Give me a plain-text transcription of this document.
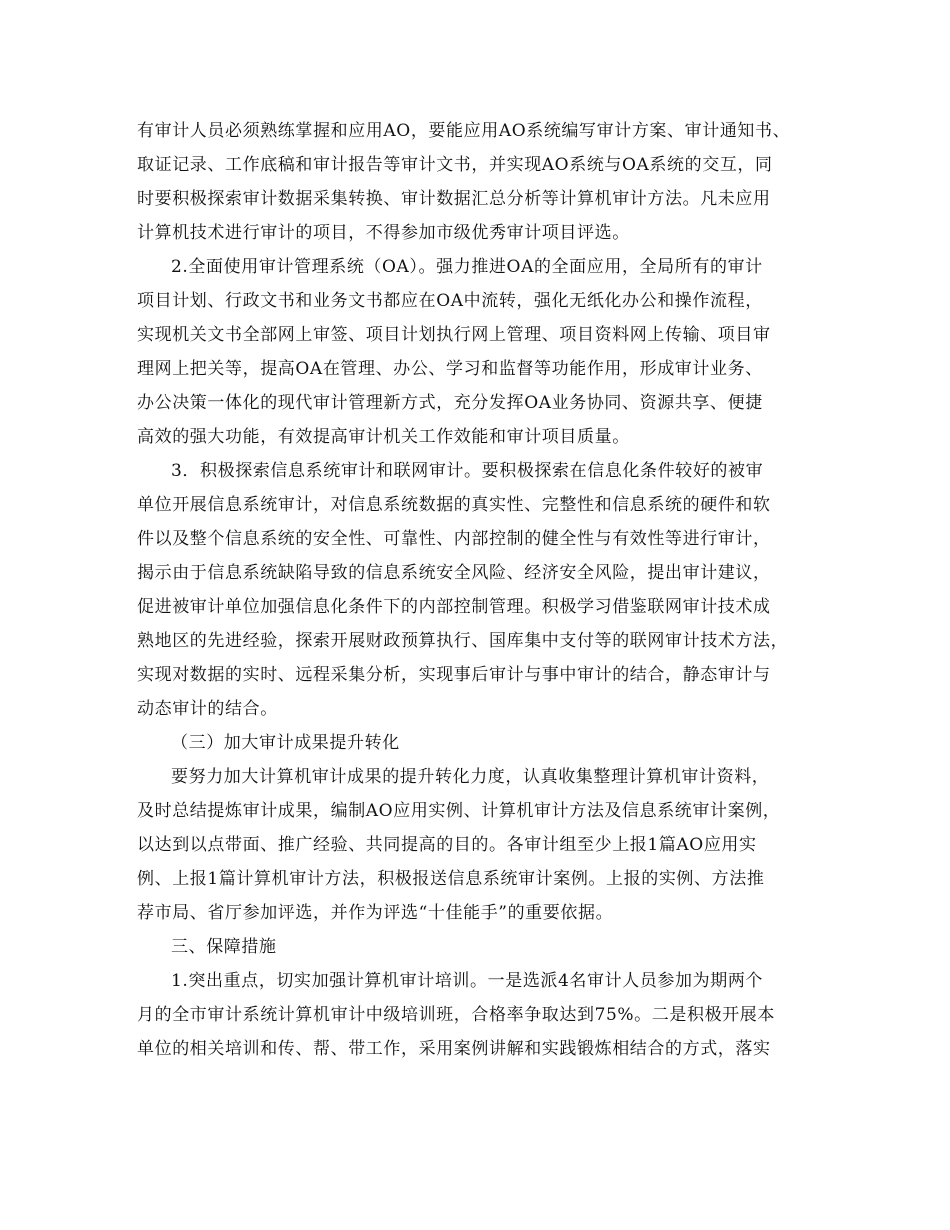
有审计人员必须熟练掌握和应用AO，要能应用AO系统编写审计方案、审计通知书、
取证记录、工作底稿和审计报告等审计文书，并实现AO系统与OA系统的交互，同
时要积极探索审计数据采集转换、审计数据汇总分析等计算机审计方法。凡未应用
计算机技术进行审计的项目，不得参加市级优秀审计项目评选。
2.全面使用审计管理系统（OA）。强力推进OA的全面应用，全局所有的审计
项目计划、行政文书和业务文书都应在OA中流转，强化无纸化办公和操作流程，
实现机关文书全部网上审签、项目计划执行网上管理、项目资料网上传输、项目审
理网上把关等，提高OA在管理、办公、学习和监督等功能作用，形成审计业务、
办公决策一体化的现代审计管理新方式，充分发挥OA业务协同、资源共享、便捷
高效的强大功能，有效提高审计机关工作效能和审计项目质量。
3．积极探索信息系统审计和联网审计。要积极探索在信息化条件较好的被审
单位开展信息系统审计，对信息系统数据的真实性、完整性和信息系统的硬件和软
件以及整个信息系统的安全性、可靠性、内部控制的健全性与有效性等进行审计，
揭示由于信息系统缺陷导致的信息系统安全风险、经济安全风险，提出审计建议，
促进被审计单位加强信息化条件下的内部控制管理。积极学习借鉴联网审计技术成
熟地区的先进经验，探索开展财政预算执行、国库集中支付等的联网审计技术方法，
实现对数据的实时、远程采集分析，实现事后审计与事中审计的结合，静态审计与
动态审计的结合。
（三）加大审计成果提升转化
要努力加大计算机审计成果的提升转化力度，认真收集整理计算机审计资料，
及时总结提炼审计成果，编制AO应用实例、计算机审计方法及信息系统审计案例，
以达到以点带面、推广经验、共同提高的目的。各审计组至少上报1篇AO应用实
例、上报1篇计算机审计方法，积极报送信息系统审计案例。上报的实例、方法推
荐市局、省厅参加评选，并作为评选“十佳能手”的重要依据。
三、保障措施
1.突出重点，切实加强计算机审计培训。一是选派4名审计人员参加为期两个
月的全市审计系统计算机审计中级培训班，合格率争取达到75%。二是积极开展本
单位的相关培训和传、帮、带工作，采用案例讲解和实践锻炼相结合的方式，落实
